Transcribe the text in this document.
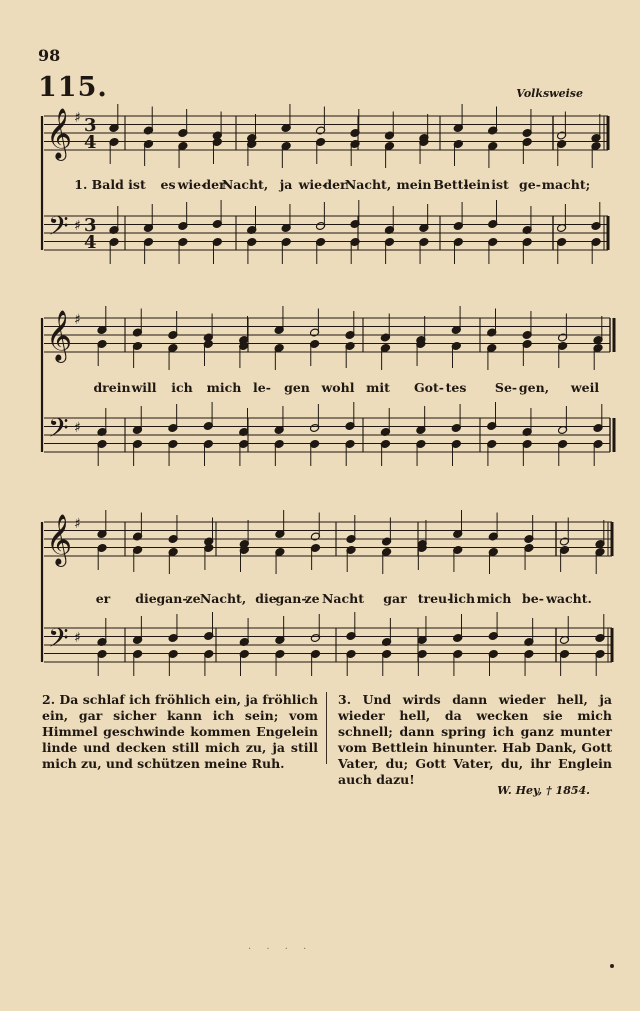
98
115.	Volksweise
𝄞
𝄢
♯
♯
3
4
3
4
𝄞
𝄢
♯
♯
𝄞
𝄢
♯
♯
1. Bald ist es wie-
der
Nacht, ja wie-
der
Nacht, mein Bett-
lein ist ge- macht;
drein will ich mich le- gen wohl mit Got- tes Se- gen, weil
er die gan-
ze Nacht, die
gan-
ze Nacht gar treu-
lich mich be- wacht.
2. Da schlaf ich fröhlich ein, ja fröhlich ein, gar sicher kann ich sein; vom Himmel geschwinde kommen Engelein linde und decken still mich zu, ja still mich zu, und schützen meine Ruh.
3. Und wirds dann wieder hell, ja wieder hell, da wecken sie mich schnell; dann spring ich ganz munter vom Bettlein hinunter. Hab Dank, Gott Vater, du; Gott Vater, du, ihr Englein auch dazu!
W. Hey, † 1854.
· · · ·
